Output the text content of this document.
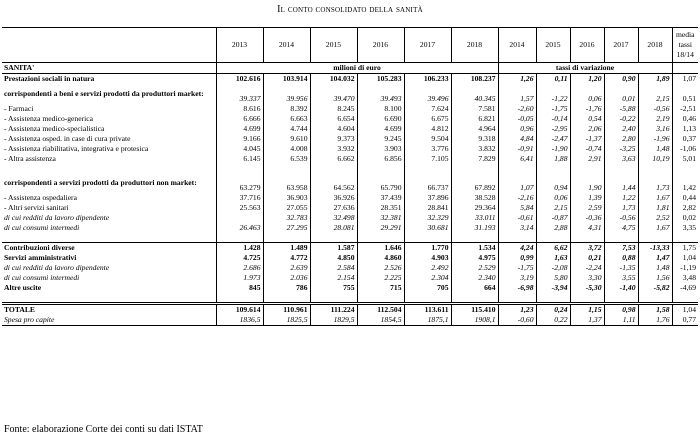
Il conto consolidato della sanità
	2013	2014	2015	2016	2017	2018	2014	2015	2016	2017	2018	media
tassi
18/14
SANITA'	milioni di euro						tassi di variazione					
Prestazioni sociali in natura	102.616	103.914	104.032	105.283	106.233	108.237	1,26	0,11	1,20	0,90	1,89	1,07
corrispondenti a beni e servizi prodotti da produttori market:	39.337	39.956	39.470	39.493	39.496	40.345	1,57	-1,22	0,06	0,01	2,15	0,51
- Farmaci	8.616	8.392	8.245	8.100	7.624	7.581	-2,60	-1,75	-1,76	-5,88	-0,56	-2,51
- Assistenza medico-generica	6.666	6.663	6.654	6.690	6.675	6.821	-0,05	-0,14	0,54	-0,22	2,19	0,46
- Assistenza medico-specialistica	4.699	4.744	4.604	4.699	4.812	4.964	0,96	-2,95	2,06	2,40	3,16	1,13
- Assistenza osped. in case di cura private	9.166	9.610	9.373	9.245	9.504	9.318	4,84	-2,47	-1,37	2,80	-1,96	0,37
- Assistenza riabilitativa, integrativa e protesica	4.045	4.008	3.932	3.903	3.776	3.832	-0,91	-1,90	-0,74	-3,25	1,48	-1,06
- Altra assistenza	6.145	6.539	6.662	6.856	7.105	7.829	6,41	1,88	2,91	3,63	10,19	5,01

corrispondenti a servizi prodotti da produttori non market:	63.279	63.958	64.562	65.790	66.737	67.892	1,07	0,94	1,90	1,44	1,73	1,42
- Assistenza ospedaliera	37.716	36.903	36.926	37.439	37.896	38.528	-2,16	0,06	1,39	1,22	1,67	0,44
- Altri servizi sanitari	25.563	27.055	27.636	28.351	28.841	29.364	5,84	2,15	2,59	1,73	1,81	2,82
di cui redditi da lavoro dipendente		32.783	32.498	32.381	32.329	33.011	-0,61	-0,87	-0,36	-0,56	2,52	0,02
di cui consumi intermedi	26.463	27.295	28.081	29.291	30.681	31.193	3,14	2,88	4,31	4,75	1,67	3,35

Contribuzioni diverse	1.428	1.489	1.587	1.646	1.770	1.534	4,24	6,62	3,72	7,53	-13,33	1,75
Servizi amministrativi	4.725	4.772	4.850	4.860	4.903	4.975	0,99	1,63	0,21	0,88	1,47	1,04
di cui redditi da lavoro dipendente	2.686	2.639	2.584	2.526	2.492	2.529	-1,75	-2,08	-2,24	-1,35	1,48	-1,19
di cui consumi intermedi	1.973	2.036	2.154	2.225	2.304	2.340	3,19	5,80	3,30	3,55	1,56	3,48
Altre uscite	845	786	755	715	705	664	-6,98	-3,94	-5,30	-1,40	-5,82	-4,69

TOTALE	109.614	110.961	111.224	112.504	113.611	115.410	1,23	0,24	1,15	0,98	1,58	1,04
Spesa pro capite	1836,5	1825,5	1829,5	1854,5	1875,1	1908,1	-0,60	0,22	1,37	1,11	1,76	0,77
Fonte: elaborazione Corte dei conti su dati ISTAT
